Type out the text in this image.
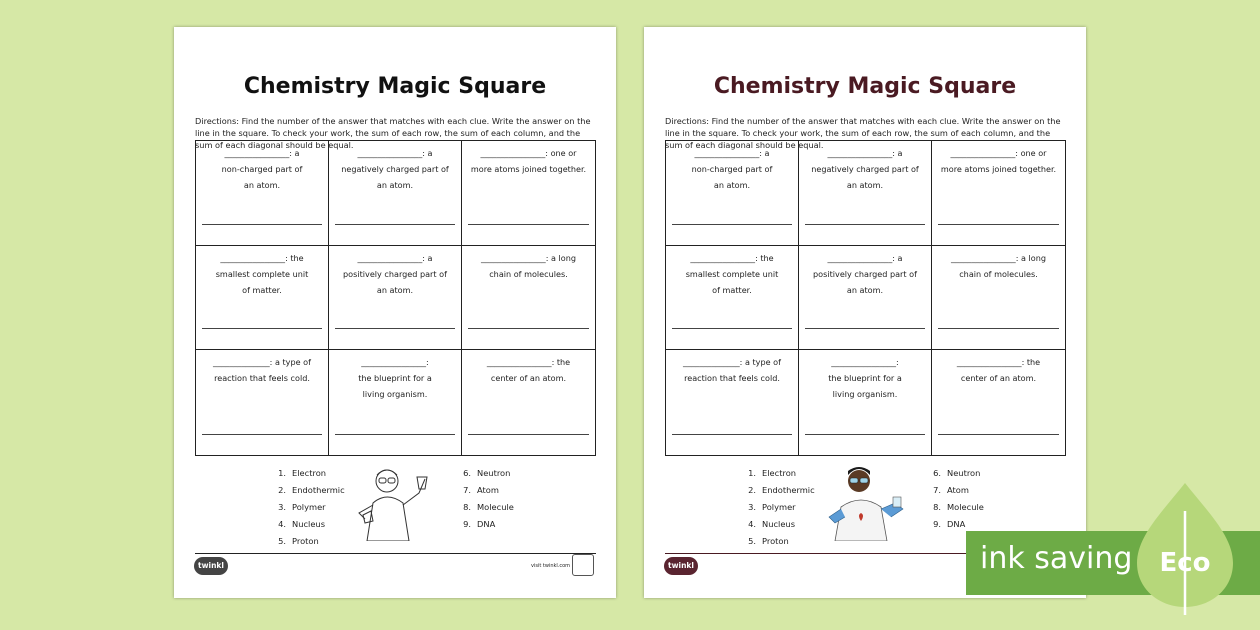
Chemistry Magic Square
Directions: Find the number of the answer that matches with each clue. Write the answer on the line in the square. To check your work, the sum of each row, the sum of each column, and the sum of each diagonal should be equal.
________________: a
non-charged part of
an atom.
________________: a
negatively charged part of
an atom.
________________: one or
more atoms joined together.
________________: the
smallest complete unit
of matter.
________________: a
positively charged part of
an atom.
________________: a long
chain of molecules.
______________: a type of
reaction that feels cold.
________________:
the blueprint for a
living organism.
________________: the
center of an atom.
1. Electron
2. Endothermic
3. Polymer
4. Nucleus
5. Proton
6. Neutron
7. Atom
8. Molecule
9. DNA
twinkl	visit twinkl.com
Chemistry Magic Square
Directions: Find the number of the answer that matches with each clue. Write the answer on the line in the square. To check your work, the sum of each row, the sum of each column, and the sum of each diagonal should be equal.
________________: a
non-charged part of
an atom.
________________: a
negatively charged part of
an atom.
________________: one or
more atoms joined together.
________________: the
smallest complete unit
of matter.
________________: a
positively charged part of
an atom.
________________: a long
chain of molecules.
______________: a type of
reaction that feels cold.
________________:
the blueprint for a
living organism.
________________: the
center of an atom.
1. Electron
2. Endothermic
3. Polymer
4. Nucleus
5. Proton
6. Neutron
7. Atom
8. Molecule
9. DNA
twinkl	ink saving Eco
